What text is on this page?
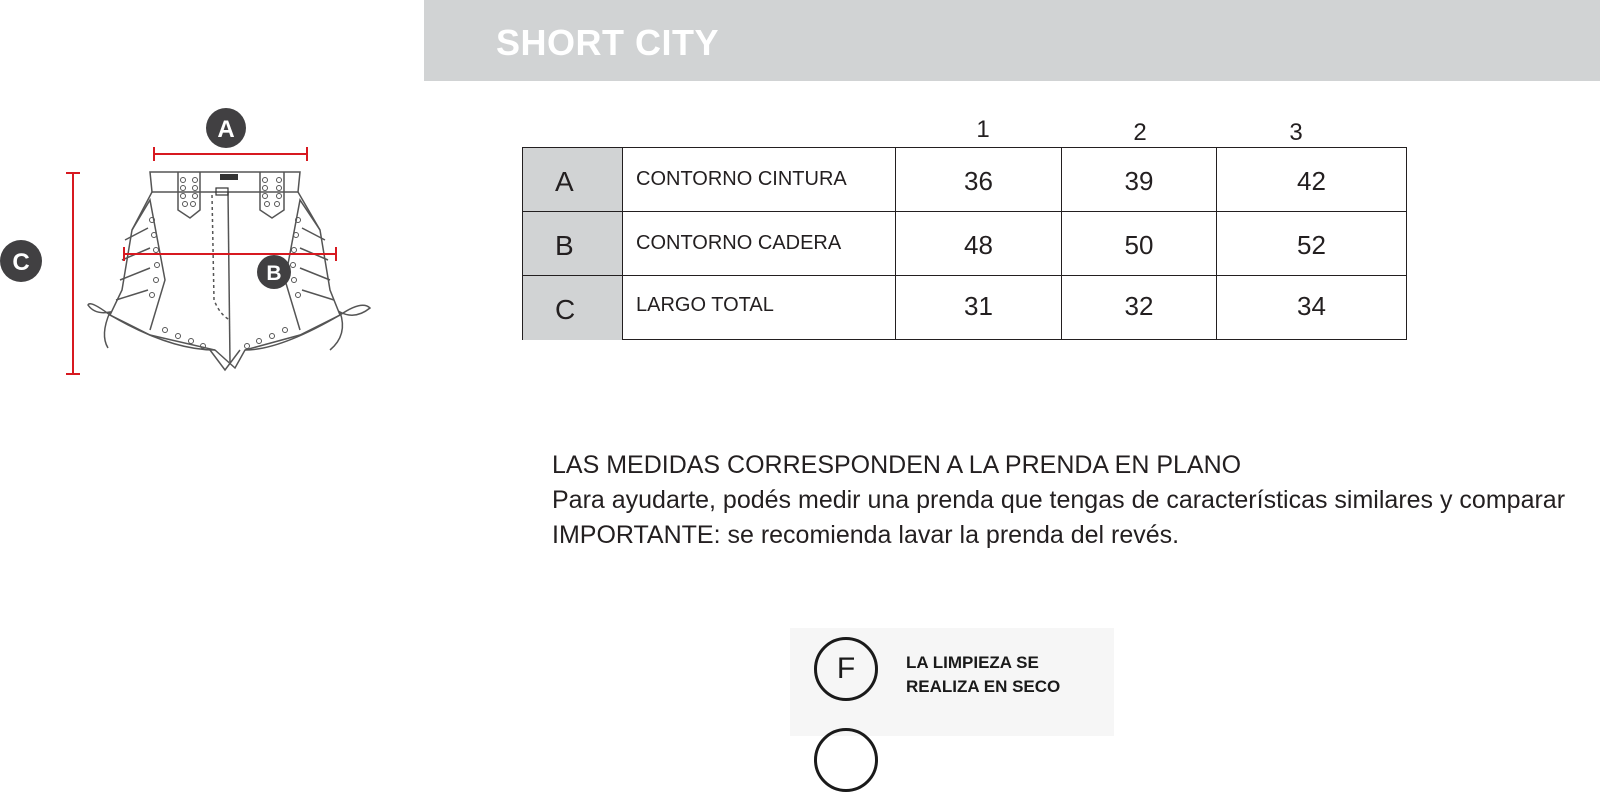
SHORT CITY
A
B
C
1	2	3
A	CONTORNO CINTURA	36	39	42
B	CONTORNO CADERA	48	50	52
C	LARGO TOTAL	31	32	34
LAS MEDIDAS CORRESPONDEN A LA PRENDA EN PLANO
Para ayudarte, podés medir una prenda que tengas de características similares y comparar
IMPORTANTE: se recomienda lavar la prenda del revés.
F	LA LIMPIEZA SE
REALIZA EN SECO
